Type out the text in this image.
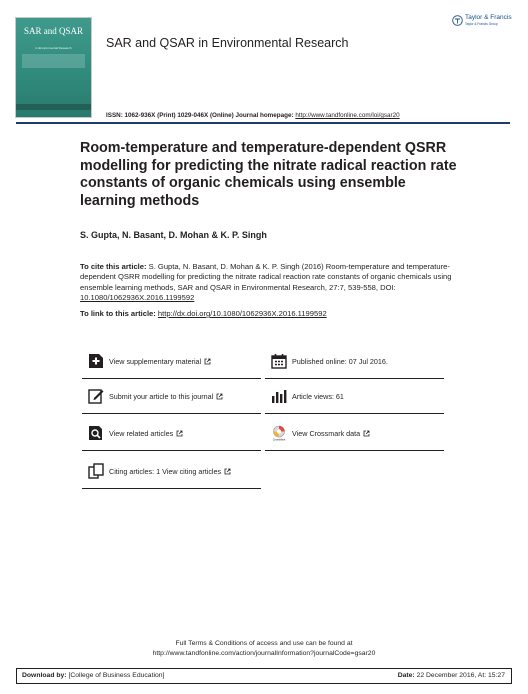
SAR and QSAR
in Environmental Research	SAR and QSAR in Environmental Research
Taylor & Francis
Taylor & Francis Group
ISSN: 1062-936X (Print) 1029-046X (Online) Journal homepage: http://www.tandfonline.com/loi/gsar20
Room-temperature and temperature-dependent QSRR modelling for predicting the nitrate radical reaction rate constants of organic chemicals using ensemble learning methods
S. Gupta, N. Basant, D. Mohan & K. P. Singh
To cite this article: S. Gupta, N. Basant, D. Mohan & K. P. Singh (2016) Room-temperature and temperature-dependent QSRR modelling for predicting the nitrate radical reaction rate constants of organic chemicals using ensemble learning methods, SAR and QSAR in Environmental Research, 27:7, 539-558, DOI: 10.1080/1062936X.2016.1199592
To link to this article: http://dx.doi.org/10.1080/1062936X.2016.1199592
View supplementary material
Submit your article to this journal
View related articles
Citing articles: 1 View citing articles
Published online: 07 Jul 2016.
Article views: 61
CrossMark
View Crossmark data
Full Terms & Conditions of access and use can be found at
http://www.tandfonline.com/action/journalInformation?journalCode=gsar20
Download by: [College of Business Education]	Date: 22 December 2016, At: 15:27
